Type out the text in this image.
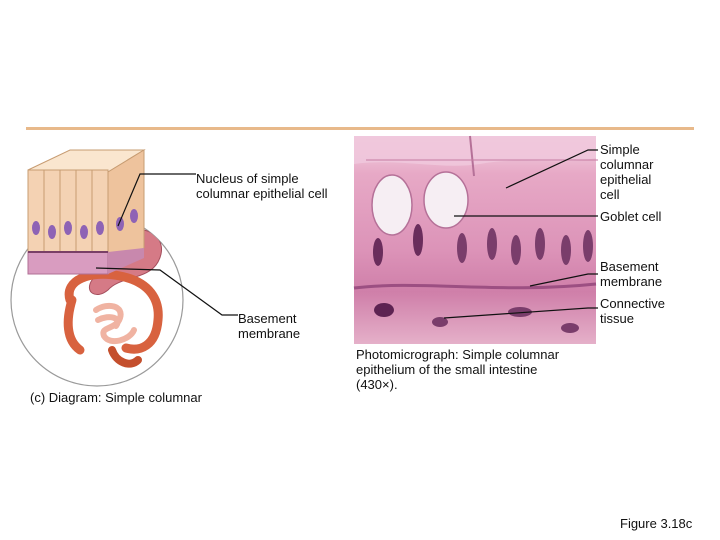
Nucleus of simple
columnar epithelial cell
Basement
membrane
(c) Diagram: Simple columnar
Simple
columnar
epithelial
cell
Goblet cell
Basement
membrane
Connective
tissue
Photomicrograph: Simple columnar
epithelium of the small intestine
(430×).
Figure 3.18c
